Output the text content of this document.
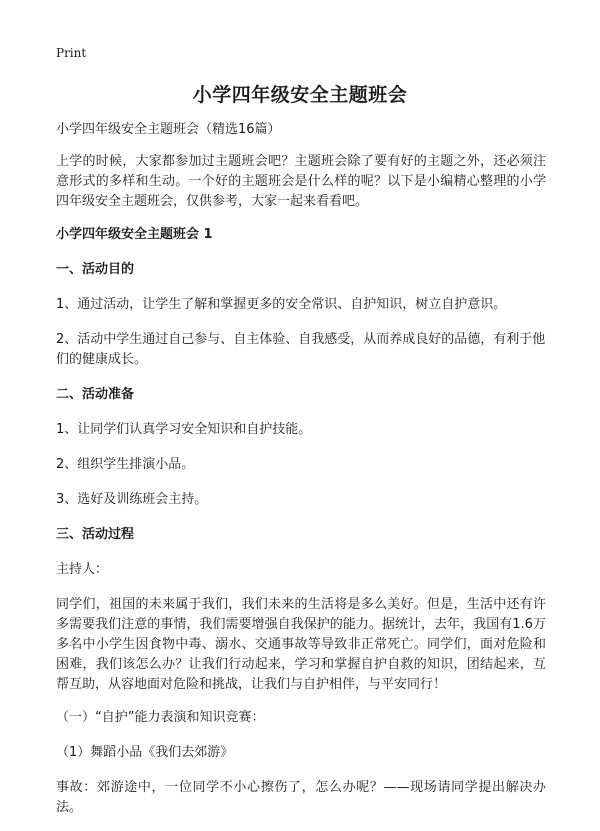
Print
小学四年级安全主题班会

小学四年级安全主题班会（精选16篇）

上学的时候，大家都参加过主题班会吧？主题班会除了要有好的主题之外，还必须注意形式的多样和生动。一个好的主题班会是什么样的呢？以下是小编精心整理的小学四年级安全主题班会，仅供参考，大家一起来看看吧。

小学四年级安全主题班会 1

一、活动目的

1、通过活动，让学生了解和掌握更多的安全常识、自护知识，树立自护意识。

2、活动中学生通过自己参与、自主体验、自我感受，从而养成良好的品德，有利于他们的健康成长。

二、活动准备

1、让同学们认真学习安全知识和自护技能。

2、组织学生排演小品。

3、选好及训练班会主持。

三、活动过程

主持人：

同学们，祖国的未来属于我们，我们未来的生活将是多么美好。但是，生活中还有许多需要我们注意的事情，我们需要增强自我保护的能力。据统计，去年，我国有1.6万多名中小学生因食物中毒、溺水、交通事故等导致非正常死亡。同学们，面对危险和困难，我们该怎么办？让我们行动起来，学习和掌握自护自救的知识，团结起来，互帮互助，从容地面对危险和挑战，让我们与自护相伴，与平安同行！

（一）“自护”能力表演和知识竞赛：

（1）舞蹈小品《我们去郊游》

事故：郊游途中，一位同学不小心擦伤了，怎么办呢？——现场请同学提出解决办法。
